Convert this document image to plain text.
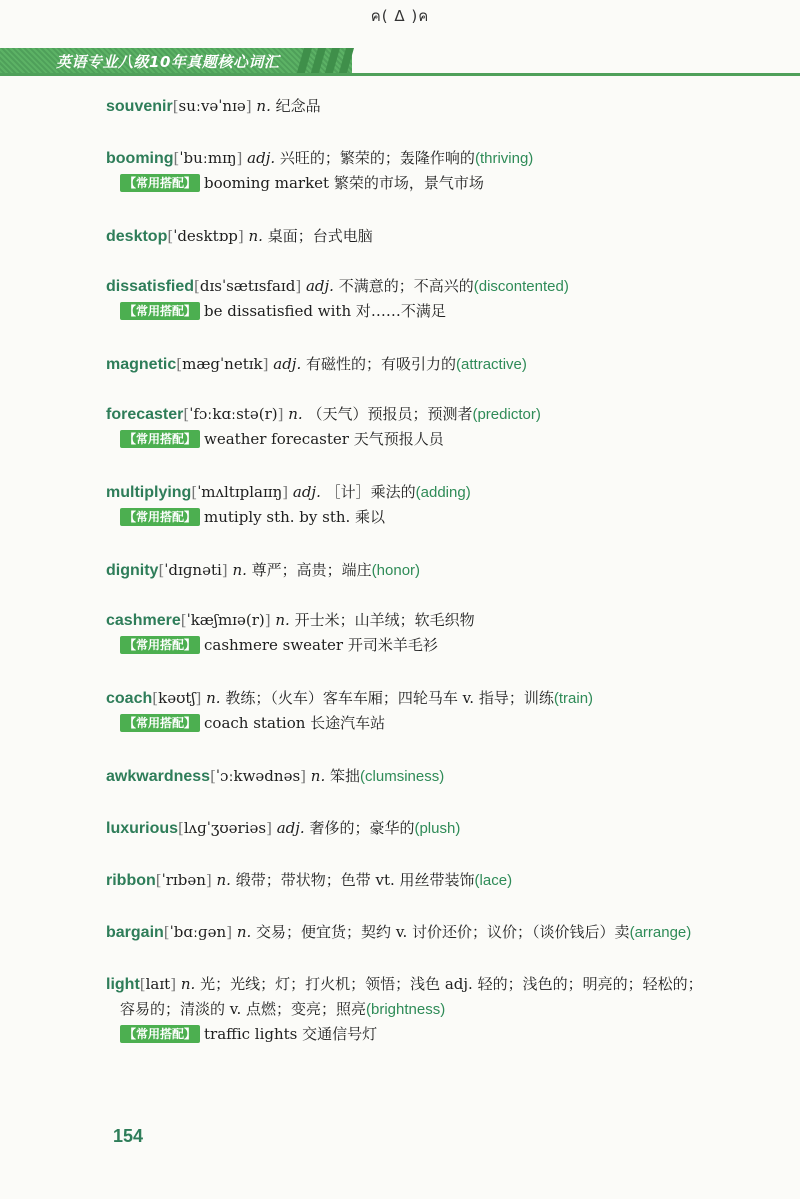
ค( Δ )ค
英语专业八级10年真题核心词汇
souvenir[suːvəˈnɪə] n. 纪念品
booming[ˈbuːmɪŋ] adj. 兴旺的；繁荣的；轰隆作响的(thriving)
【常用搭配】 booming market 繁荣的市场，景气市场
desktop[ˈdesktɒp] n. 桌面；台式电脑
dissatisfied[dɪsˈsætɪsfaɪd] adj. 不满意的；不高兴的(discontented)
【常用搭配】 be dissatisfied with 对……不满足
magnetic[mægˈnetɪk] adj. 有磁性的；有吸引力的(attractive)
forecaster[ˈfɔːkɑːstə(r)] n. （天气）预报员；预测者(predictor)
【常用搭配】 weather forecaster 天气预报人员
multiplying[ˈmʌltɪplaɪɪŋ] adj. ［计］乘法的(adding)
【常用搭配】 mutiply sth. by sth. 乘以
dignity[ˈdɪɡnəti] n. 尊严；高贵；端庄(honor)
cashmere[ˈkæʃmɪə(r)] n. 开士米；山羊绒；软毛织物
【常用搭配】 cashmere sweater 开司米羊毛衫
coach[kəʊtʃ] n. 教练；（火车）客车车厢；四轮马车 v. 指导；训练(train)
【常用搭配】 coach station 长途汽车站
awkwardness[ˈɔːkwədnəs] n. 笨拙(clumsiness)
luxurious[lʌɡˈʒʊəriəs] adj. 奢侈的；豪华的(plush)
ribbon[ˈrɪbən] n. 缎带；带状物；色带 vt. 用丝带装饰(lace)
bargain[ˈbɑːɡən] n. 交易；便宜货；契约 v. 讨价还价；议价；（谈价钱后）卖(arrange)
light[laɪt] n. 光；光线；灯；打火机；领悟；浅色 adj. 轻的；浅色的；明亮的；轻松的；
容易的；清淡的 v. 点燃；变亮；照亮(brightness)
【常用搭配】 traffic lights 交通信号灯
154
